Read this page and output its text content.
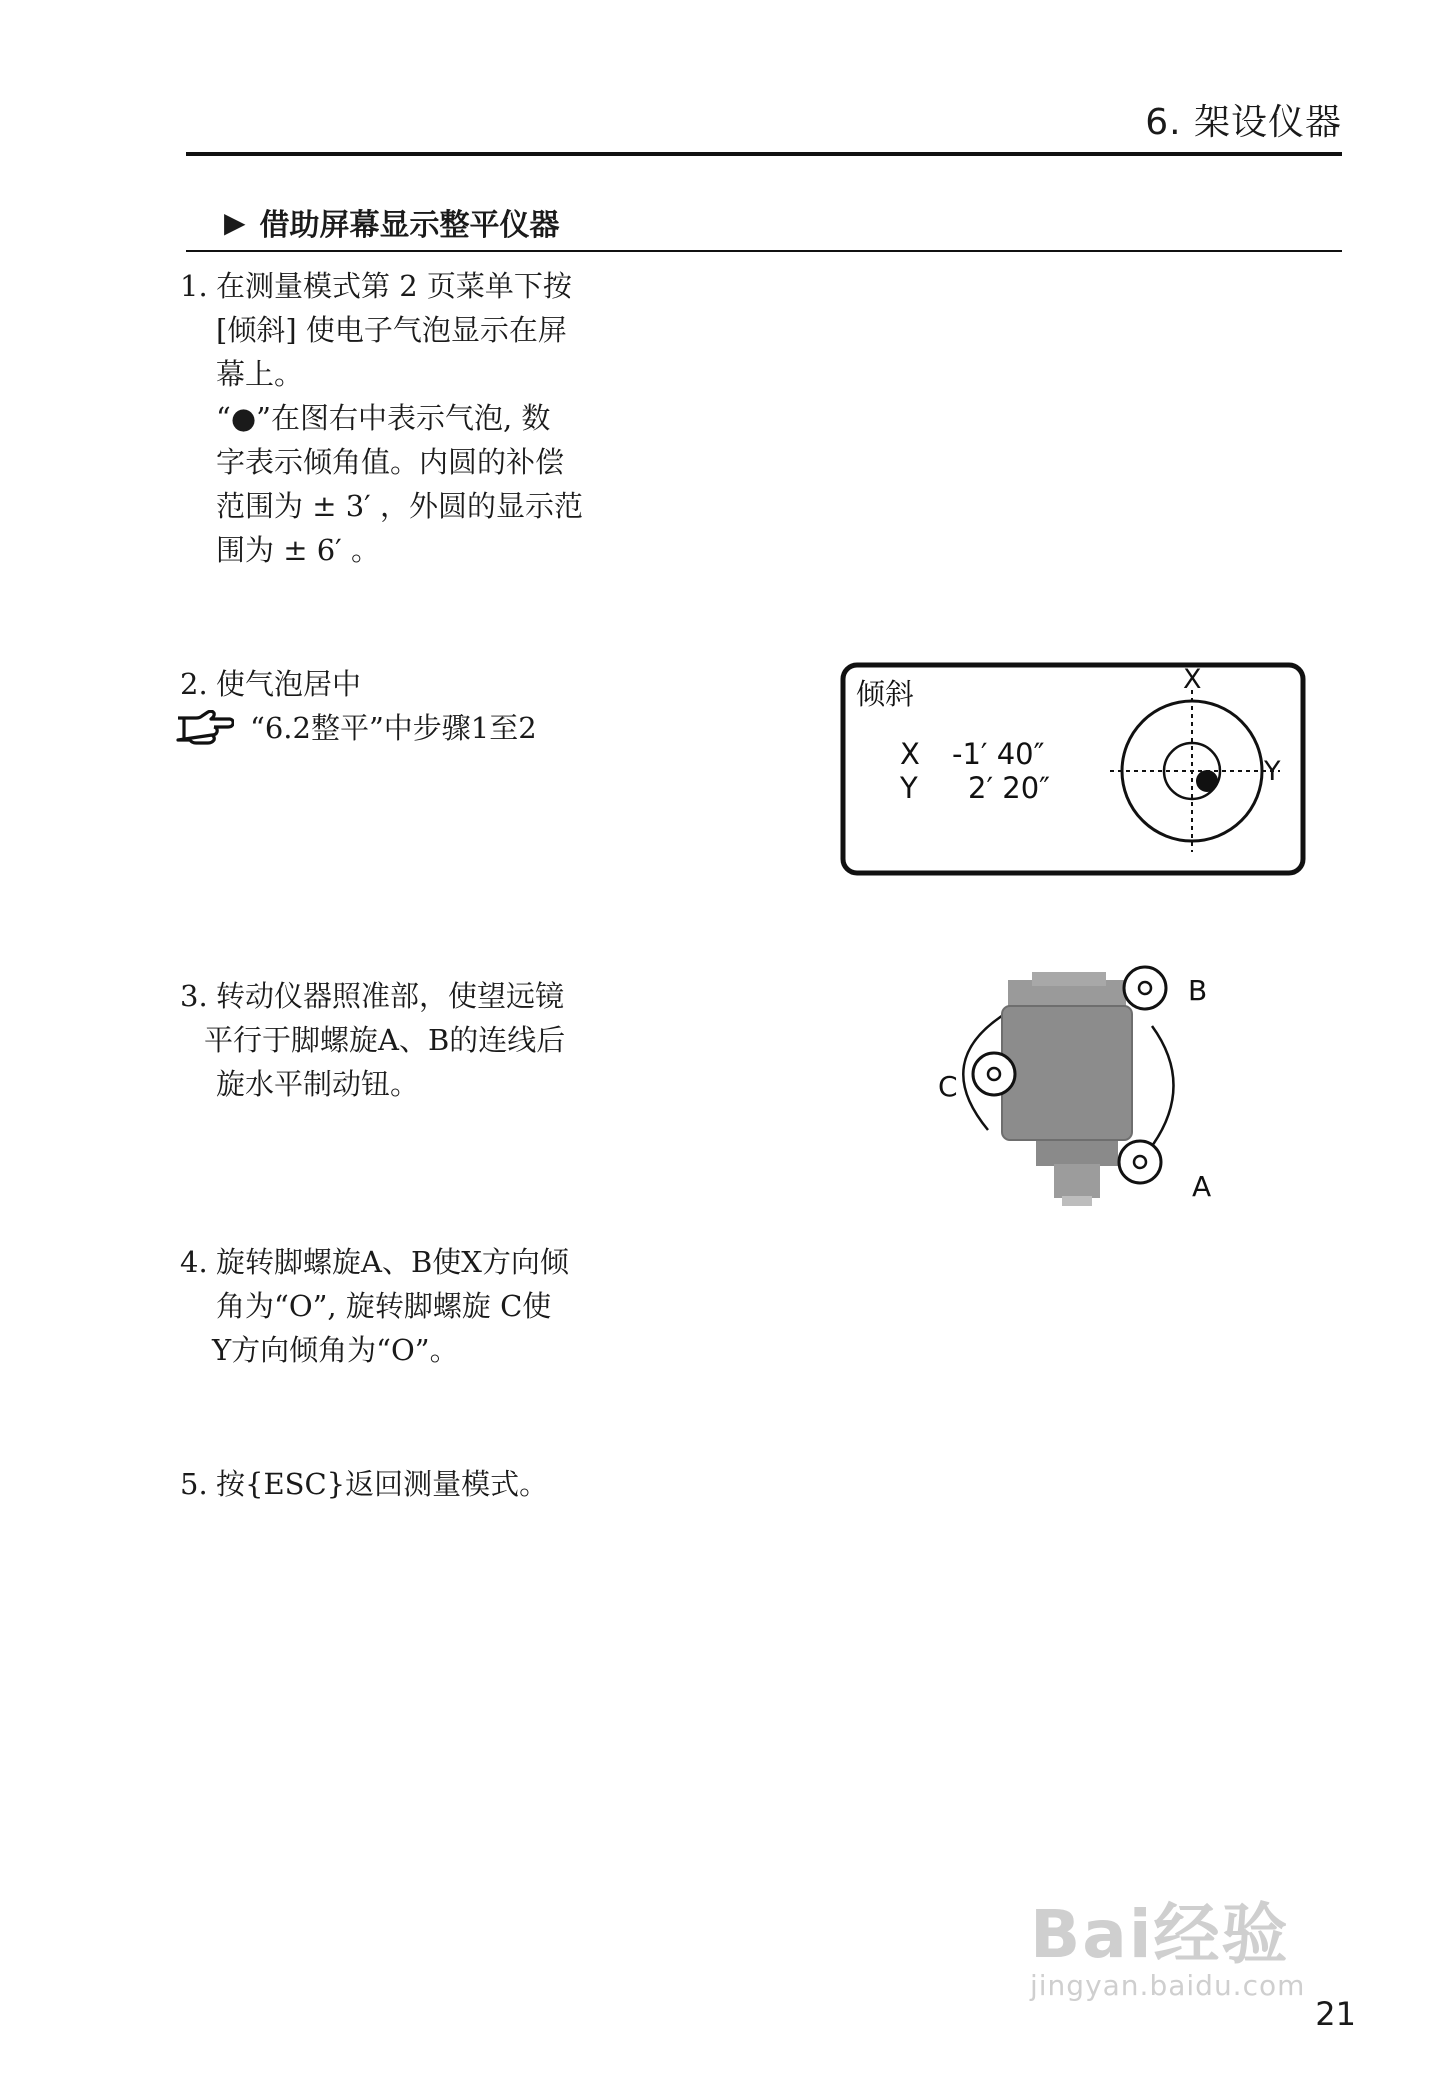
6. 架设仪器
▶ 借助屏幕显示整平仪器

1. 在测量模式第 2 页菜单下按

[倾斜] 使电子气泡显示在屏

幕上。

“●”在图右中表示气泡, 数

字表示倾角值。内圆的补偿

范围为 ± 3′ ，外圆的显示范

围为 ± 6′ 。

2. 使气泡居中

“6.2整平”中步骤1至2

倾斜
X -1′ 40″
Y 2′ 20″
X
Y

3. 转动仪器照准部，使望远镜

平行于脚螺旋A、B的连线后

旋水平制动钮。

B
C
A

4. 旋转脚螺旋A、B使X方向倾

角为“O”, 旋转脚螺旋 C使

Y方向倾角为“O”。

5. 按{ESC}返回测量模式。

Bai经验
jingyan.baidu.com

21
